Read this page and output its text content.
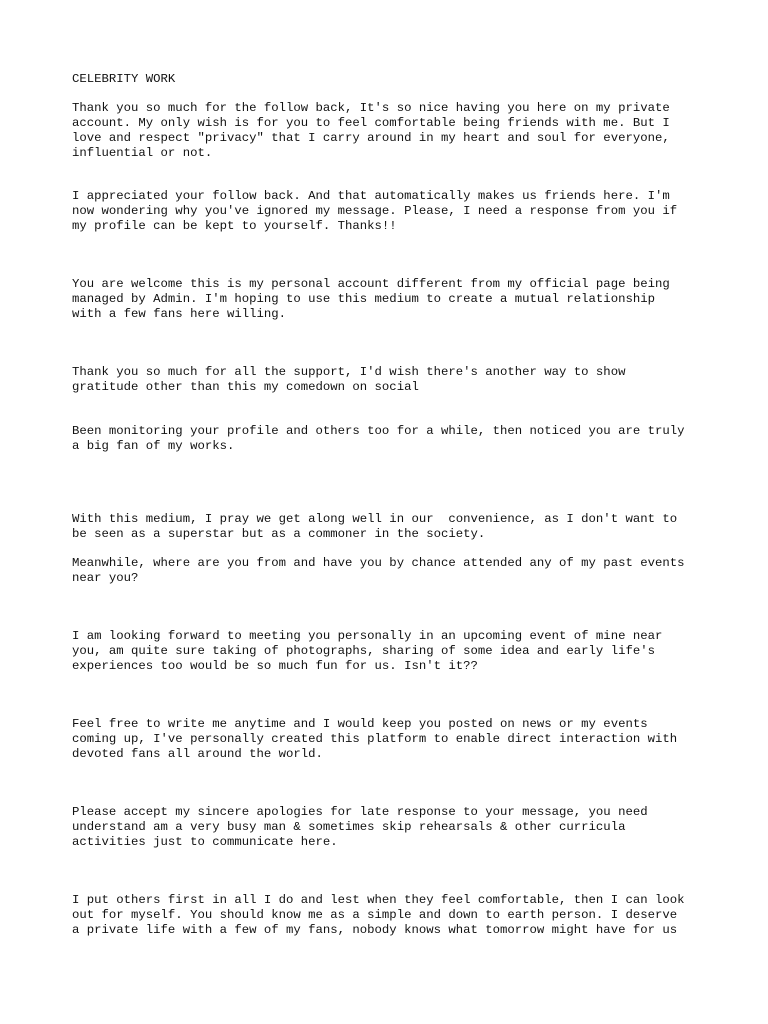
CELEBRITY WORK

Thank you so much for the follow back, It's so nice having you here on my private

account. My only wish is for you to feel comfortable being friends with me. But I

love and respect "privacy" that I carry around in my heart and soul for everyone,

influential or not.

I appreciated your follow back. And that automatically makes us friends here. I'm

now wondering why you've ignored my message. Please, I need a response from you if

my profile can be kept to yourself. Thanks!!

You are welcome this is my personal account different from my official page being

managed by Admin. I'm hoping to use this medium to create a mutual relationship

with a few fans here willing.

Thank you so much for all the support, I'd wish there's another way to show

gratitude other than this my comedown on social

Been monitoring your profile and others too for a while, then noticed you are truly

a big fan of my works.

With this medium, I pray we get along well in our  convenience, as I don't want to

be seen as a superstar but as a commoner in the society.

Meanwhile, where are you from and have you by chance attended any of my past events

near you?

I am looking forward to meeting you personally in an upcoming event of mine near

you, am quite sure taking of photographs, sharing of some idea and early life's

experiences too would be so much fun for us. Isn't it??

Feel free to write me anytime and I would keep you posted on news or my events

coming up, I've personally created this platform to enable direct interaction with

devoted fans all around the world.

Please accept my sincere apologies for late response to your message, you need

understand am a very busy man & sometimes skip rehearsals & other curricula

activities just to communicate here.

I put others first in all I do and lest when they feel comfortable, then I can look

out for myself. You should know me as a simple and down to earth person. I deserve

a private life with a few of my fans, nobody knows what tomorrow might have for us
